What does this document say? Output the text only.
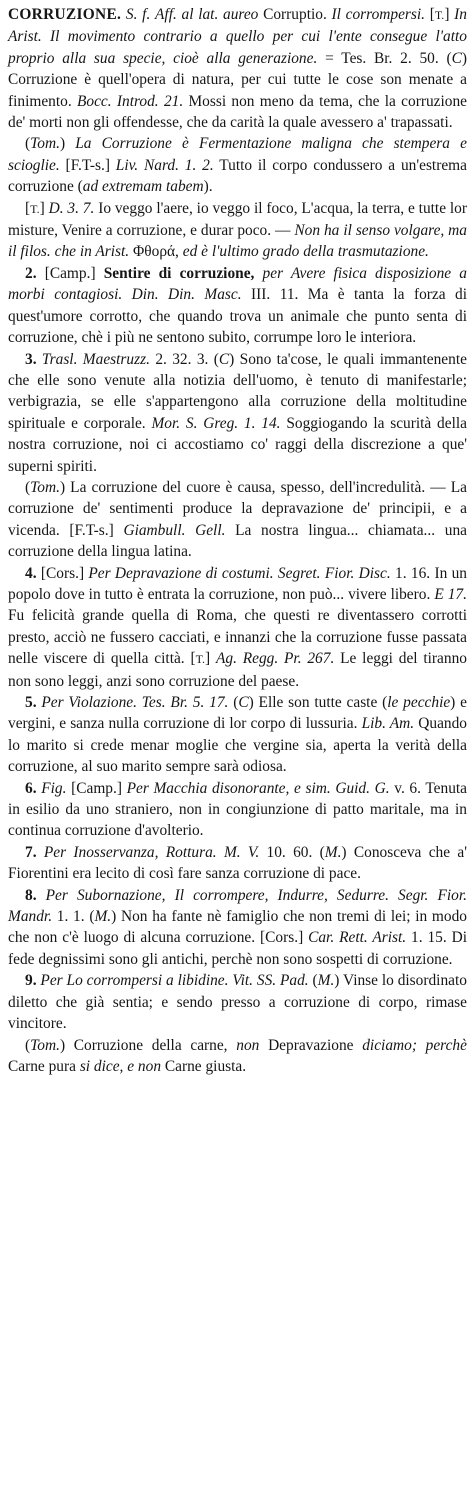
CORRUZIONE. S. f. Aff. al lat. aureo Corruptio. Il corrompersi. [T.] In Arist. Il movimento contrario a quello per cui l'ente consegue l'atto proprio alla sua specie, cioè alla generazione. = Tes. Br. 2. 50. (C) Corruzione è quell'opera di natura, per cui tutte le cose son menate a finimento. Bocc. Introd. 21. Mossi non meno da tema, che la corruzione de' morti non gli offendesse, che da carità la quale avessero a' trapassati.

(Tom.) La Corruzione è Fermentazione maligna che stempera e scioglie. [F.T-s.] Liv. Nard. 1. 2. Tutto il corpo condussero a un'estrema corruzione (ad extremam tabem).

[T.] D. 3. 7. Io veggo l'aere, io veggo il foco, L'acqua, la terra, e tutte lor misture, Venire a corruzione, e durar poco. — Non ha il senso volgare, ma il filos. che in Arist. Φθορά, ed è l'ultimo grado della trasmutazione.

2. [Camp.] Sentire di corruzione, per Avere fisica disposizione a morbi contagiosi. Din. Din. Masc. III. 11. Ma è tanta la forza di quest'umore corrotto, che quando trova un animale che punto senta di corruzione, chè i più ne sentono subito, corrumpe loro le interiora.

3. Trasl. Maestruzz. 2. 32. 3. (C) Sono ta'cose, le quali immantenente che elle sono venute alla notizia dell'uomo, è tenuto di manifestarle; verbigrazia, se elle s'appartengono alla corruzione della moltitudine spirituale e corporale. Mor. S. Greg. 1. 14. Soggiogando la scurità della nostra corruzione, noi ci accostiamo co' raggi della discrezione a que' superni spiriti.

(Tom.) La corruzione del cuore è causa, spesso, dell'incredulità. — La corruzione de' sentimenti produce la depravazione de' principii, e a vicenda. [F.T-s.] Giambull. Gell. La nostra lingua... chiamata... una corruzione della lingua latina.

4. [Cors.] Per Depravazione di costumi. Segret. Fior. Disc. 1. 16. In un popolo dove in tutto è entrata la corruzione, non può... vivere libero. E 17. Fu felicità grande quella di Roma, che questi re diventassero corrotti presto, acciò ne fussero cacciati, e innanzi che la corruzione fusse passata nelle viscere di quella città. [T.] Ag. Regg. Pr. 267. Le leggi del tiranno non sono leggi, anzi sono corruzione del paese.

5. Per Violazione. Tes. Br. 5. 17. (C) Elle son tutte caste (le pecchie) e vergini, e sanza nulla corruzione di lor corpo di lussuria. Lib. Am. Quando lo marito si crede menar moglie che vergine sia, aperta la verità della corruzione, al suo marito sempre sarà odiosa.

6. Fig. [Camp.] Per Macchia disonorante, e sim. Guid. G. v. 6. Tenuta in esilio da uno straniero, non in congiunzione di patto maritale, ma in continua corruzione d'avolterio.

7. Per Inosservanza, Rottura. M. V. 10. 60. (M.) Conosceva che a' Fiorentini era lecito di così fare sanza corruzione di pace.

8. Per Subornazione, Il corrompere, Indurre, Sedurre. Segr. Fior. Mandr. 1. 1. (M.) Non ha fante nè famiglio che non tremi di lei; in modo che non c'è luogo di alcuna corruzione. [Cors.] Car. Rett. Arist. 1. 15. Di fede degnissimi sono gli antichi, perchè non sono sospetti di corruzione.

9. Per Lo corrompersi a libidine. Vit. SS. Pad. (M.) Vinse lo disordinato diletto che già sentia; e sendo presso a corruzione di corpo, rimase vincitore.

(Tom.) Corruzione della carne, non Depravazione diciamo; perchè Carne pura si dice, e non Carne giusta.
